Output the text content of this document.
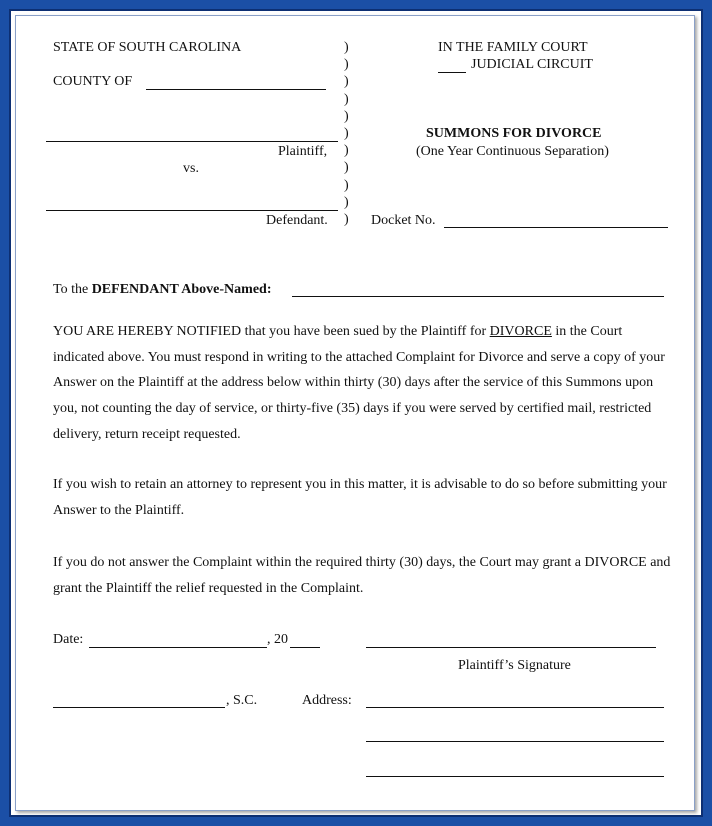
STATE OF SOUTH CAROLINA
COUNTY OF
Plaintiff,
vs.
Defendant.
)
)
)
)
)
)
)
)
)
)
)
IN THE FAMILY COURT
JUDICIAL CIRCUIT
SUMMONS FOR DIVORCE
(One Year Continuous Separation)
Docket No.
To the DEFENDANT Above-Named:
YOU ARE HEREBY NOTIFIED that you have been sued by the Plaintiff for DIVORCE in the Court indicated above. You must respond in writing to the attached Complaint for Divorce and serve a copy of your Answer on the Plaintiff at the address below within thirty (30) days after the service of this Summons upon you, not counting the day of service, or thirty-five (35) days if you were served by certified mail, restricted delivery, return receipt requested.
If you wish to retain an attorney to represent you in this matter, it is advisable to do so before submitting your Answer to the Plaintiff.
If you do not answer the Complaint within the required thirty (30) days, the Court may grant a DIVORCE and grant the Plaintiff the relief requested in the Complaint.
Date:	, 20
Plaintiff’s Signature
, S.C.	Address:
